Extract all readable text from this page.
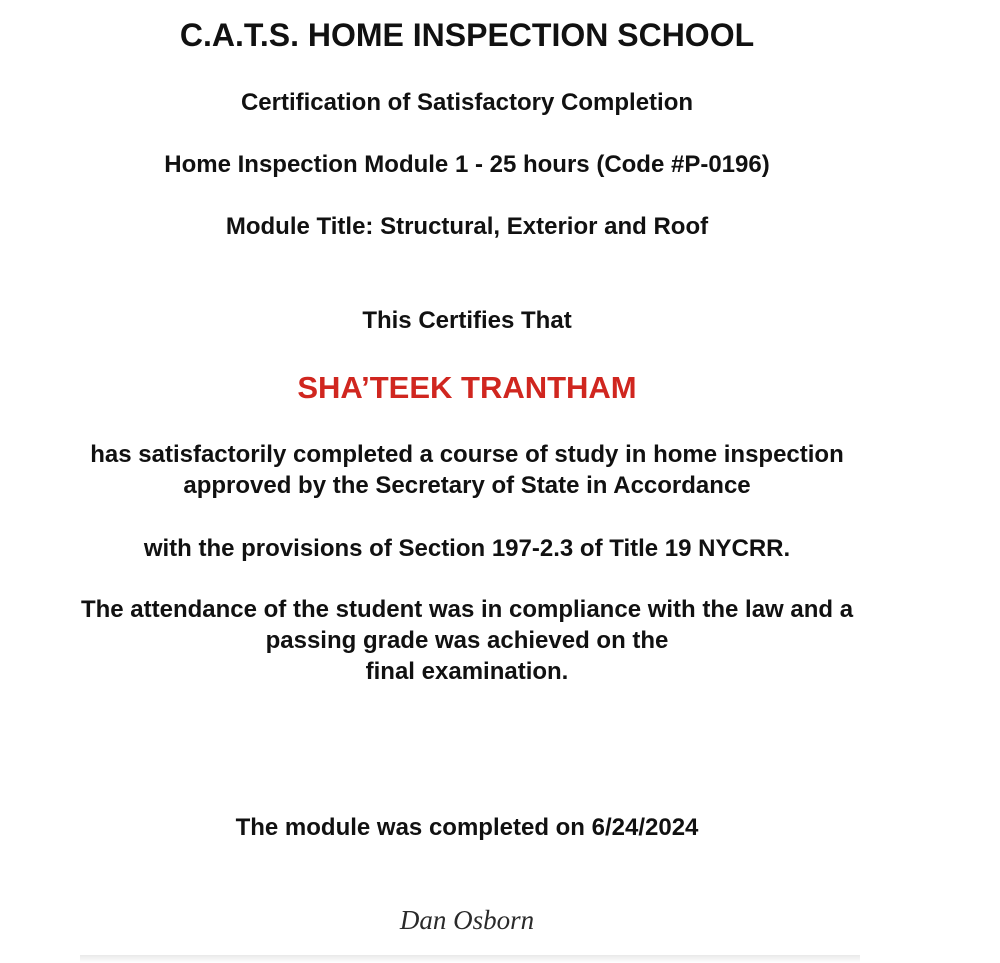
C.A.T.S. HOME INSPECTION SCHOOL
Certification of Satisfactory Completion
Home Inspection Module 1 - 25 hours (Code #P-0196)
Module Title: Structural, Exterior and Roof
This Certifies That
SHA’TEEK TRANTHAM
has satisfactorily completed a course of study in home inspection
approved by the Secretary of State in Accordance
with the provisions of Section 197-2.3 of Title 19 NYCRR.
The attendance of the student was in compliance with the law and a
passing grade was achieved on the
final examination.
The module was completed on 6/24/2024
Dan Osborn
